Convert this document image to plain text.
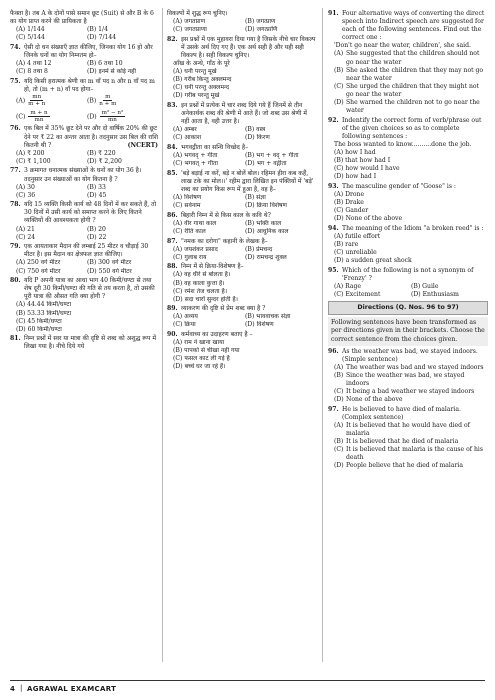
फैक्ता है। तब A के दोनों पासे समान छूट (Suit) से और B के 6 का योग प्राप्त करने की प्रायिकता है
(A) 1/144	(B) 1/4
(C) 5/144	(D) 7/144
74. ऐसी दो धन संख्याएँ ज्ञात कीजिए, जिनका योग 16 हो और जिनके घनों का योग निम्नतम हो–
(A) 4 तथा 12	(B) 6 तथा 10
(C) 8 तथा 8	(D) इनमें से कोई नहीं
75. यदि किसी हरात्मक श्रेणी का m वाँ पद n और n वाँ पद m हो, तो (m + n) वाँ पद होगा–
$(A) \frac{mn}{m + n}$	$(B) \frac{m}{n + m}$
$(C) \frac{m + n}{mn}$	$(D) \frac{\text{m² − n²}}{mn}$
76. एक बिल में 35% छूट देने पर और दो वार्षिक 20% की छूट देने पर ₹ 22 का अन्तर आता है। तदनुसार उस बिल की राशि कितनी थी ?	(NCERT)
(A) ₹ 200	(B) ₹ 220
(C) ₹ 1,100	(D) ₹ 2,200
77. 3 क्रमागत धनात्मक संख्याओं के घनों का योग 36 है। तदनुसार उन संख्याओं का योग कितना है ?
(A) 30	(B) 33
(C) 36	(D) 45
78. यदि 15 व्यक्ति किसी कार्य को 48 दिनों में कर सकते हैं, तो 30 दिनों में उसी कार्य को समाप्त करने के लिए कितने व्यक्तियों की आवश्यकता होगी ?
(A) 21	(B) 20
(C) 24	(D) 22
79. एक आयताकार मैदान की लम्बाई 25 मीटर व चौड़ाई 30 मीटर है। इस मैदान का क्षेत्रफल ज्ञात कीजिए।
(A) 250 वर्ग मीटर	(B) 300 वर्ग मीटर
(C) 750 वर्ग मीटर	(D) 550 वर्ग मीटर
80. यदि P अपनी यात्रा का आधा भाग 40 किमी/घण्टा से तथा शेष दूरी 30 किमी/घण्टा की गति से तय करता है, तो उसकी पूरी यात्रा की औसत गति क्या होगी ?
(A) 44.44 किमी/घण्टा
(B) 53.33 किमी/घण्टा
(C) 45 किमी/घण्टा
(D) 60 किमी/घण्टा
81. निम्न प्रश्नों में स्वर या मात्रा की दृष्टि से शब्द को अशुद्ध रूप में लिखा गया है। नीचे दिये गये
विकल्पों में शुद्ध रूप चुनिए।
(A) जगतप्राण	(B) जगत्प्राण
(C) जगतप्राणा	(D) जगत्प्राणि
82. इस प्रश्नों में एक मुहावरा दिया गया है जिसके नीचे चार विकल्प में उसके अर्थ दिए गए हैं। एक अर्थ सही है और यही सही विकल्प है। सही विकल्प चुनिए।
आँख के अन्धे, गाँठ के पूरे
(A) धनी परन्तु मूर्ख
(B) गरीब किन्तु अक्लमन्द
(C) धनी परन्तु अक्लमन्द
(D) गरीब परन्तु मूर्ख
83. इन प्रश्नों में प्रत्येक में चार शब्द दिये गये हैं जिनमें से तीन अनेकार्थक शब्द की श्रेणी में आते हैं। जो शब्द उस श्रेणी में नहीं आता है, वही उत्तर है।
(A) अम्बर	(B) वस्त्र
(C) आकाश	(D) किरण
84. भगवद्गीता का सन्धि विच्छेद है–
(A) भगवद् + गीता	(B) भग + वद् + गीता
(C) भगवत् + गीता	(D) भग + वद्गीता
85. 'बड़े बड़ाई ना करें, बड़े न बोलें बोल। रहिमन हीरा कब कहैं, लाख टके का मोल।।' रहीम द्वारा लिखित इन पंक्तियों में 'बड़े' शब्द का प्रयोग किस रूप में हुआ है, वह है–
(A) विशेषण	(B) संज्ञा
(C) सर्वनाम	(D) क्रिया विशेषण
86. बिहारी निम्न में से किस काल के कवि थे?
(A) वीर गाथा काल	(B) भक्ति काल
(C) रीति काल	(D) आधुनिक काल
87. "नमक का दरोगा" कहानी के लेखक है–
(A) जयशंकर प्रसाद	(B) प्रेमचन्द
(C) गुलाब राय	(D) रामचन्द्र शुक्ल
88. निम्न में से क्रिया-विशेषण है–
(A) वह धीरे से बोलता है।
(B) वह काला कुत्ता है।
(C) रमेश तेज चलता है।
(D) सदा चारों सुन्दर होती है।
89. व्याकरण की दृष्टि से प्रेम शब्द क्या है ?
(A) अव्यय	(B) भाववाचक संज्ञा
(C) क्रिया	(D) विशेषण
90. कर्मवाच्य का उदाहरण बताए है –
(A) राम ने खाना खाया
(B) पापको से चीखा नहीं गया
(C) फसल काट ली गई है
(D) बच्चे घर जा रहे हैं।
91. Four alternative ways of converting the direct speech into Indirect speech are suggested for each of the following sentences. Find out the correct one :
'Don't go near the water, children', she said.
(A) She suggested that the children should not go near the water
(B) She asked the children that they may not go near the water
(C) She urged the children that they might not go near the water
(D) She warned the children not to go near the water
92. Indentify the correct form of verb/phrase out of the given choices so as to complete following sentences :
The boss wanted to know..........done the job.
(A) how I had
(B) that how had I
(C) how would I have
(D) how had I
93. The masculine gender of "Goose" is :
(A) Drone
(B) Drake
(C) Gander
(D) None of the above
94. The meaning of the Idiom "a broken reed" is :
(A) futile effort
(B) rare
(C) unreliable
(D) a sudden great shock
95. Which of the following is not a synonym of 'Frenzy' ?
(A) Rage	(B) Guile
(C) Excitement	(D) Enthusiasm
Directions (Q. Nos. 96 to 97)
Following sentences have been transformed as per directions given in their brackets. Choose the correct sentence from the choices given.
96. As the weather was bad, we stayed indoors. (Simple sentence)
(A) The weather was bad and we stayed indoors
(B) Since the weather was bad, we stayed indoors
(C) It being a bad weather we stayed indoors
(D) None of the above
97. He is believed to have died of malaria. (Complex sentence)
(A) It is believed that he would have died of malaria
(B) It is believed that he died of malaria
(C) It is believed that malaria is the cause of his death
(D) People believe that he died of malaria
4 | AGRAWAL EXAMCART
